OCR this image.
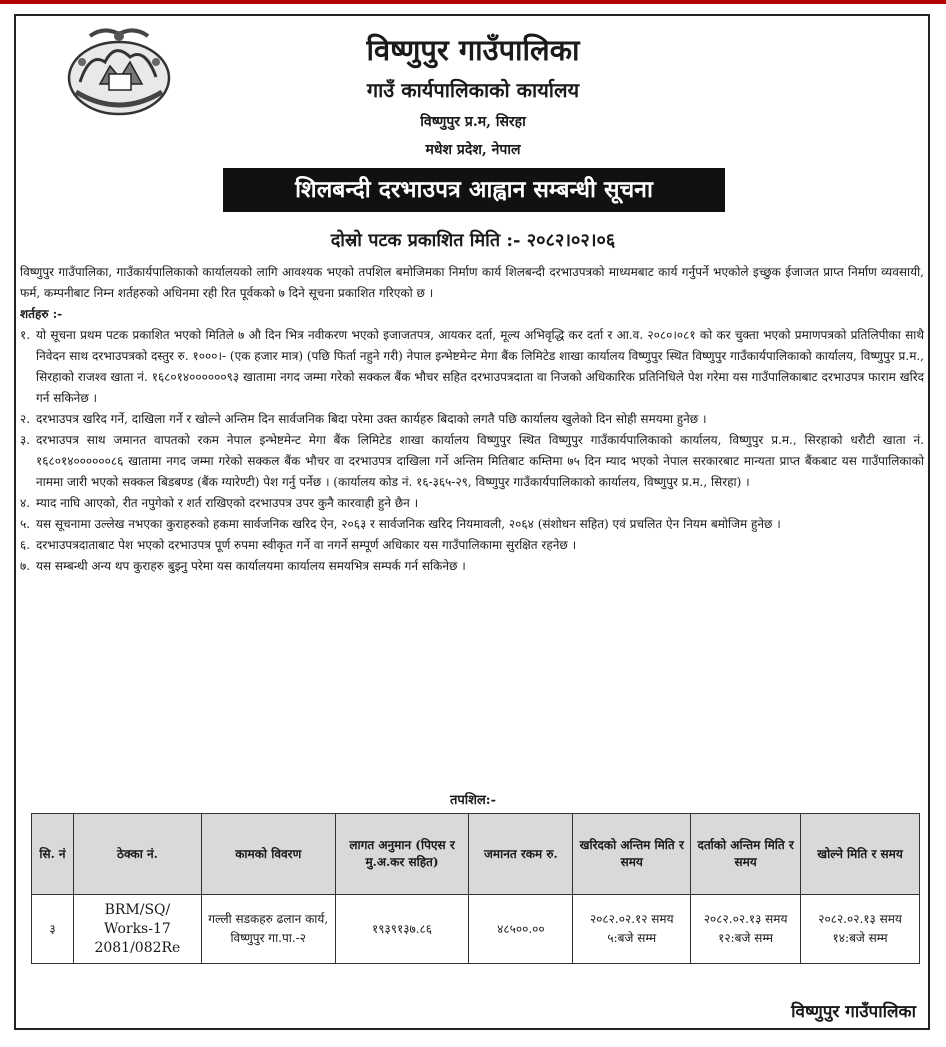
विष्णुपुर गाउँपालिका
गाउँ कार्यपालिकाको कार्यालय
विष्णुपुर प्र.म, सिरहा
मधेश प्रदेश, नेपाल
शिलबन्दी दरभाउपत्र आह्वान सम्बन्धी सूचना
दोस्रो पटक प्रकाशित मिति :- २०८२।०२।०६

विष्णुपुर गाउँपालिका, गाउँकार्यपालिकाको कार्यालयको लागि आवश्यक भएको तपशिल बमोजिमका निर्माण कार्य शिलबन्दी दरभाउपत्रको माध्यमबाट कार्य गर्नुपर्ने भएकोले इच्छुक ईजाजत प्राप्त निर्माण व्यवसायी, फर्म, कम्पनीबाट निम्न शर्तहरुको अधिनमा रही रित पूर्वकको ७ दिने सूचना प्रकाशित गरिएको छ ।

शर्तहरु :-

१. यो सूचना प्रथम पटक प्रकाशित भएको मितिले ७ औ दिन भित्र नवीकरण भएको इजाजतपत्र, आयकर दर्ता, मूल्य अभिवृद्धि कर दर्ता र आ.व. २०८०।०८१ को कर चुक्ता भएको प्रमाणपत्रको प्रतिलिपीका साथै निवेदन साथ दरभाउपत्रको दस्तुर रु. १०००।- (एक हजार मात्र) (पछि फिर्ता नहुने गरी) नेपाल इन्भेष्टमेन्ट मेगा बैंक लिमिटेड शाखा कार्यालय विष्णुपुर स्थित विष्णुपुर गाउँकार्यपालिकाको कार्यालय, विष्णुपुर प्र.म., सिरहाको राजश्व खाता नं. १६८०१४००००००९३ खातामा नगद जम्मा गरेको सक्कल बैंक भौचर सहित दरभाउपत्रदाता वा निजको अधिकारिक प्रतिनिधिले पेश गरेमा यस गाउँपालिकाबाट दरभाउपत्र फाराम खरिद गर्न सकिनेछ ।
२. दरभाउपत्र खरिद गर्ने, दाखिला गर्ने र खोल्ने अन्तिम दिन सार्वजनिक बिदा परेमा उक्त कार्यहरु बिदाको लगतै पछि कार्यालय खुलेको दिन सोही समयमा हुनेछ ।
३. दरभाउपत्र साथ जमानत वापतको रकम नेपाल इन्भेष्टमेन्ट मेगा बैंक लिमिटेड शाखा कार्यालय विष्णुपुर स्थित विष्णुपुर गाउँकार्यपालिकाको कार्यालय, विष्णुपुर प्र.म., सिरहाको धरौटी खाता नं. १६८०१४००००००८६ खातामा नगद जम्मा गरेको सक्कल बैंक भौचर वा दरभाउपत्र दाखिला गर्ने अन्तिम मितिबाट कम्तिमा ७५ दिन म्याद भएको नेपाल सरकारबाट मान्यता प्राप्त बैंकबाट यस गाउँपालिकाको नाममा जारी भएको सक्कल बिडबण्ड (बैंक ग्यारेण्टी) पेश गर्नु पर्नेछ । (कार्यालय कोड नं. १६-३६५-२९, विष्णुपुर गाउँकार्यपालिकाको कार्यालय, विष्णुपुर प्र.म., सिरहा) ।
४. म्याद नाघि आएको, रीत नपुगेको र शर्त राखिएको दरभाउपत्र उपर कुनै कारवाही हुने छैन ।
५. यस सूचनामा उल्लेख नभएका कुराहरुको हकमा सार्वजनिक खरिद ऐन, २०६३ र सार्वजनिक खरिद नियमावली, २०६४ (संशोधन सहित) एवं प्रचलित ऐन नियम बमोजिम हुनेछ ।
६. दरभाउपत्रदाताबाट पेश भएको दरभाउपत्र पूर्ण रुपमा स्वीकृत गर्ने वा नगर्ने सम्पूर्ण अधिकार यस गाउँपालिकामा सुरक्षित रहनेछ ।
७. यस सम्बन्धी अन्य थप कुराहरु बुझ्नु परेमा यस कार्यालयमा कार्यालय समयभित्र सम्पर्क गर्न सकिनेछ ।
तपशिल:-
सि. नं	ठेक्का नं.	कामको विवरण	लागत अनुमान (पिएस र मु.अ.कर सहित)	जमानत रकम रु.	खरिदको अन्तिम मिति र समय	दर्ताको अन्तिम मिति र समय	खोल्ने मिति र समय
३	BRM/SQ/ Works-17 2081/082Re	गल्ली सडकहरु ढलान कार्य, विष्णुपुर गा.पा.-२	१९३९१३७.८६	४८५००.००	२०८२.०२.१२ समय ५:बजे सम्म	२०८२.०२.१३ समय १२:बजे सम्म	२०८२.०२.१३ समय १४:बजे सम्म
विष्णुपुर गाउँपालिका
